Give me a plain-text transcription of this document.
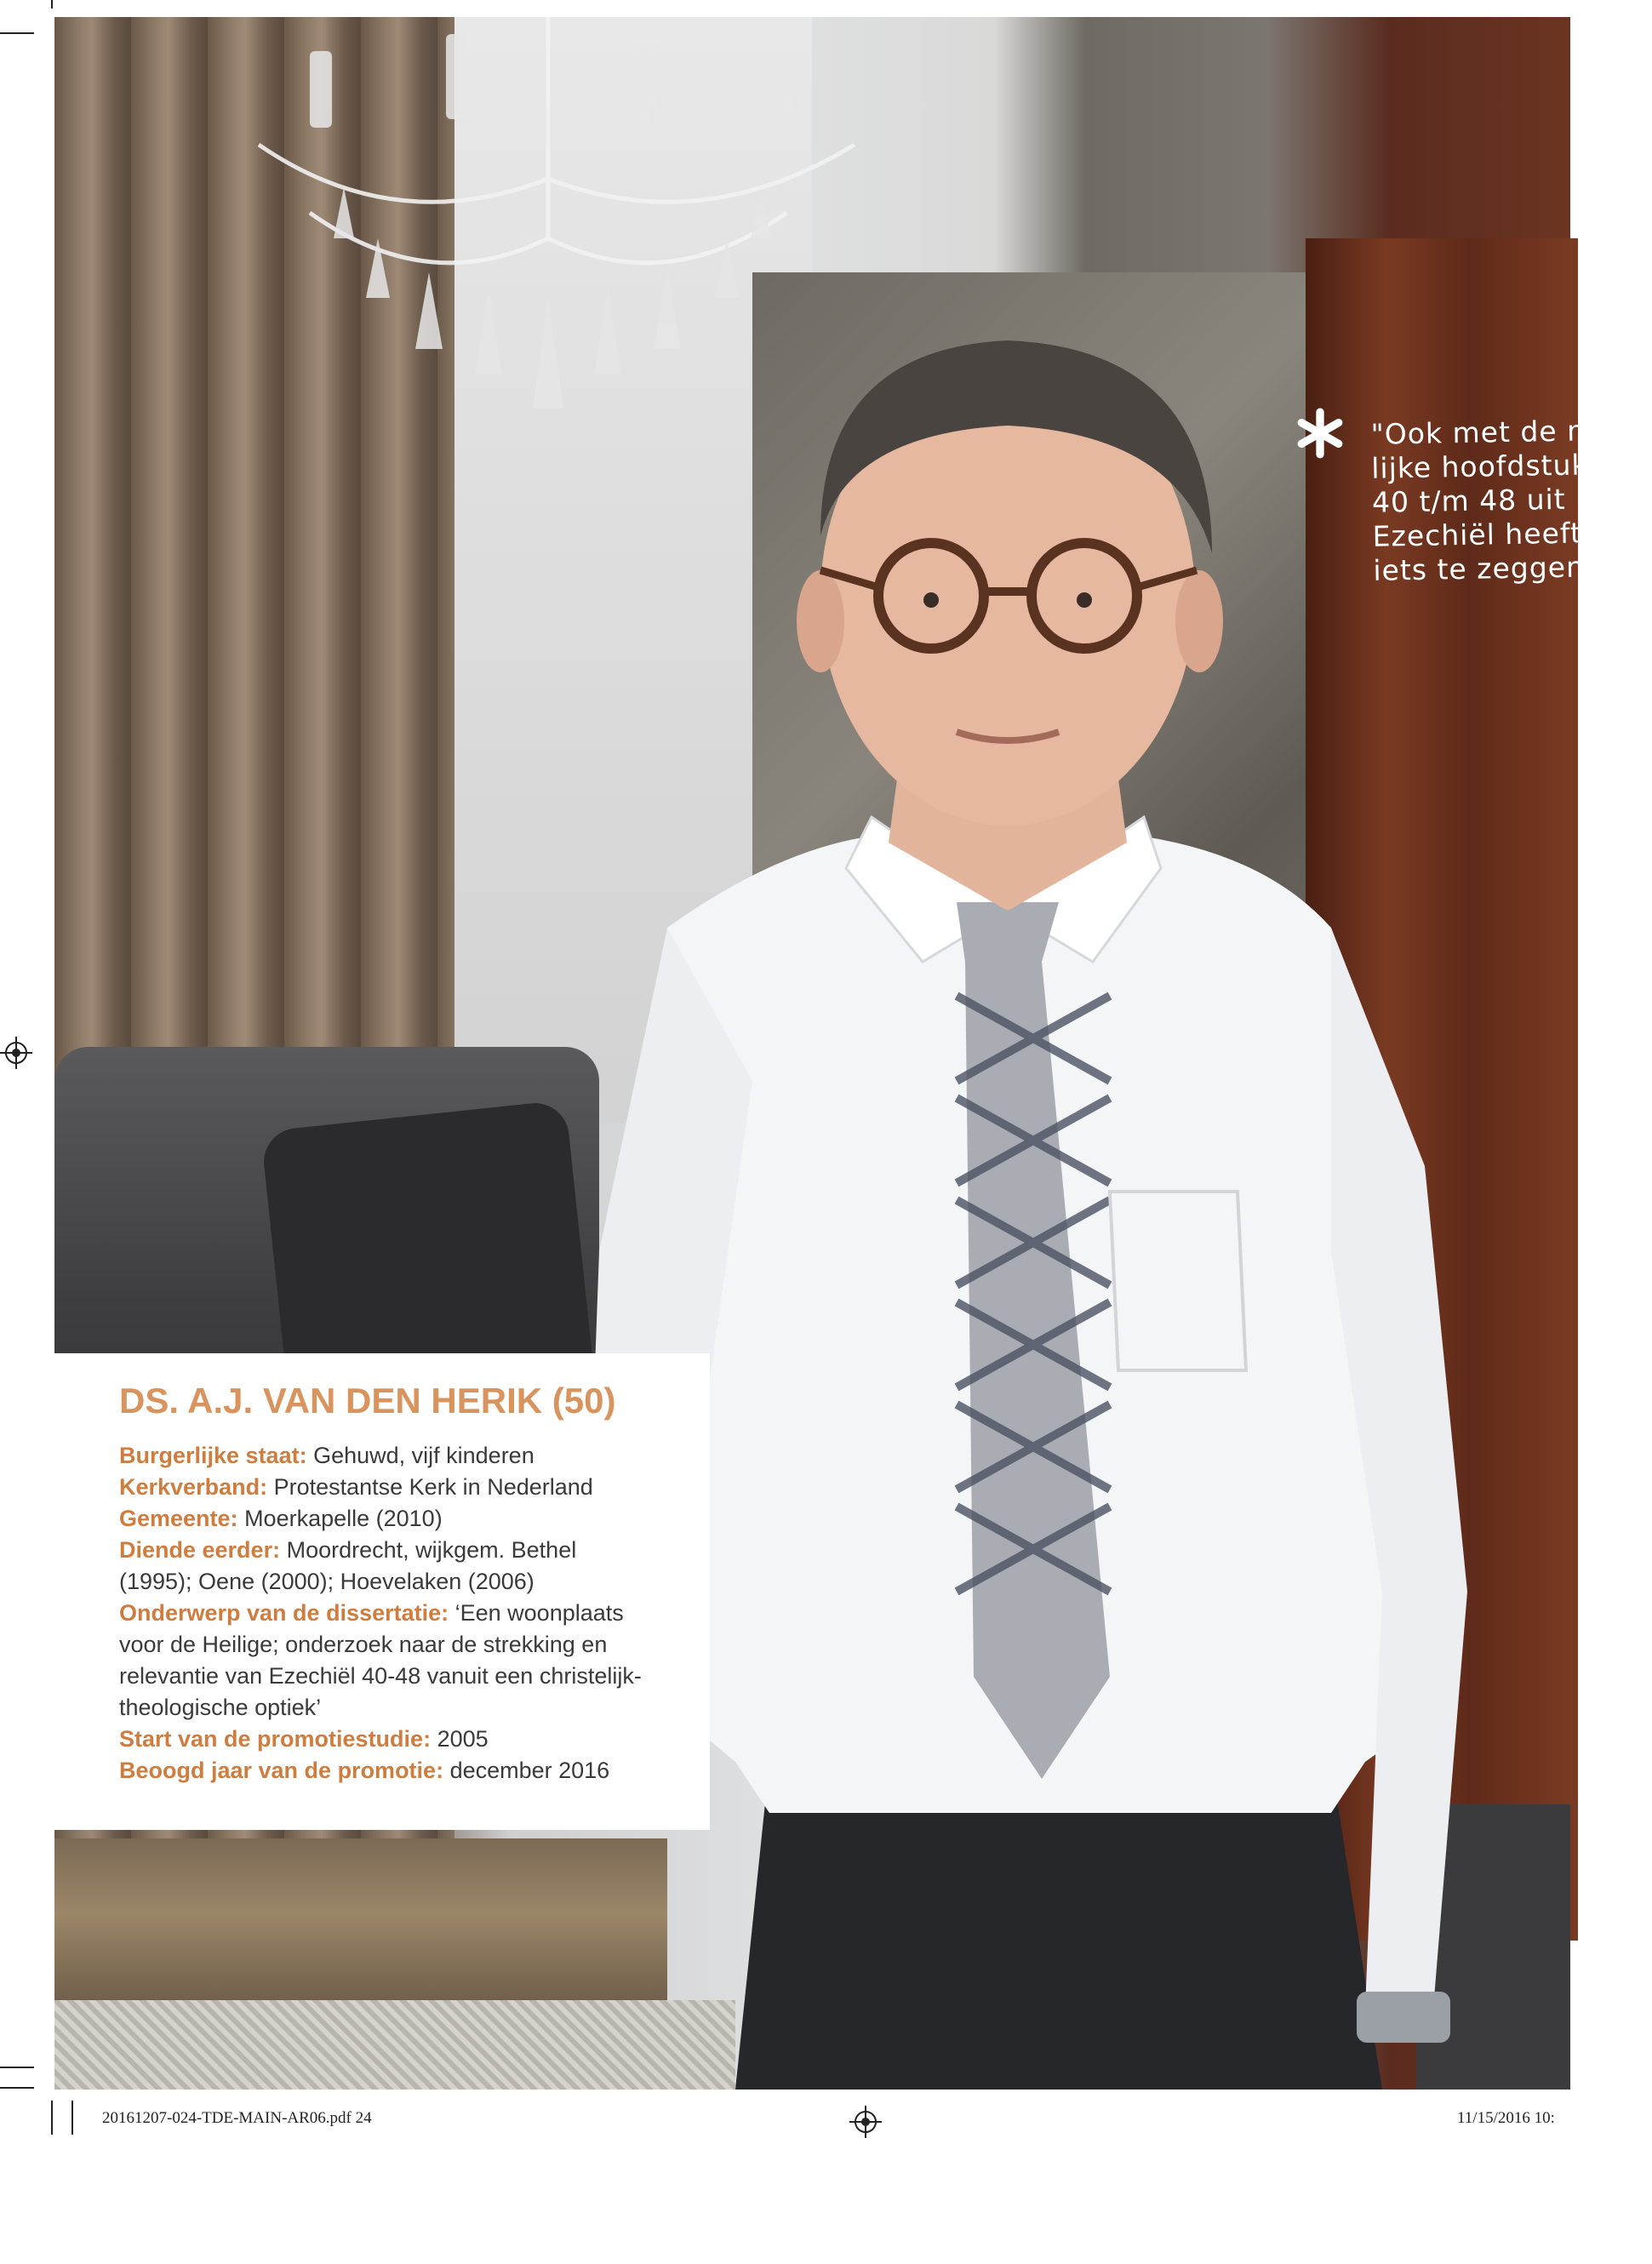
"Ook met de moei
lijke hoofdstukken
40 t/m 48 uit
Ezechiël heeft God
iets te zeggen"
DS. A.J. VAN DEN HERIK (50)

Burgerlijke staat: Gehuwd, vijf kinderen

Kerkverband: Protestantse Kerk in Nederland

Gemeente: Moerkapelle (2010)

Diende eerder: Moordrecht, wijkgem. Bethel

(1995); Oene (2000); Hoevelaken (2006)

Onderwerp van de dissertatie: ‘Een woonplaats

voor de Heilige; onderzoek naar de strekking en

relevantie van Ezechiël 40-48 vanuit een christelijk-

theologische optiek’

Start van de promotiestudie: 2005

Beoogd jaar van de promotie: december 2016

20161207-024-TDE-MAIN-AR06.pdf 24	11/15/2016 10:
